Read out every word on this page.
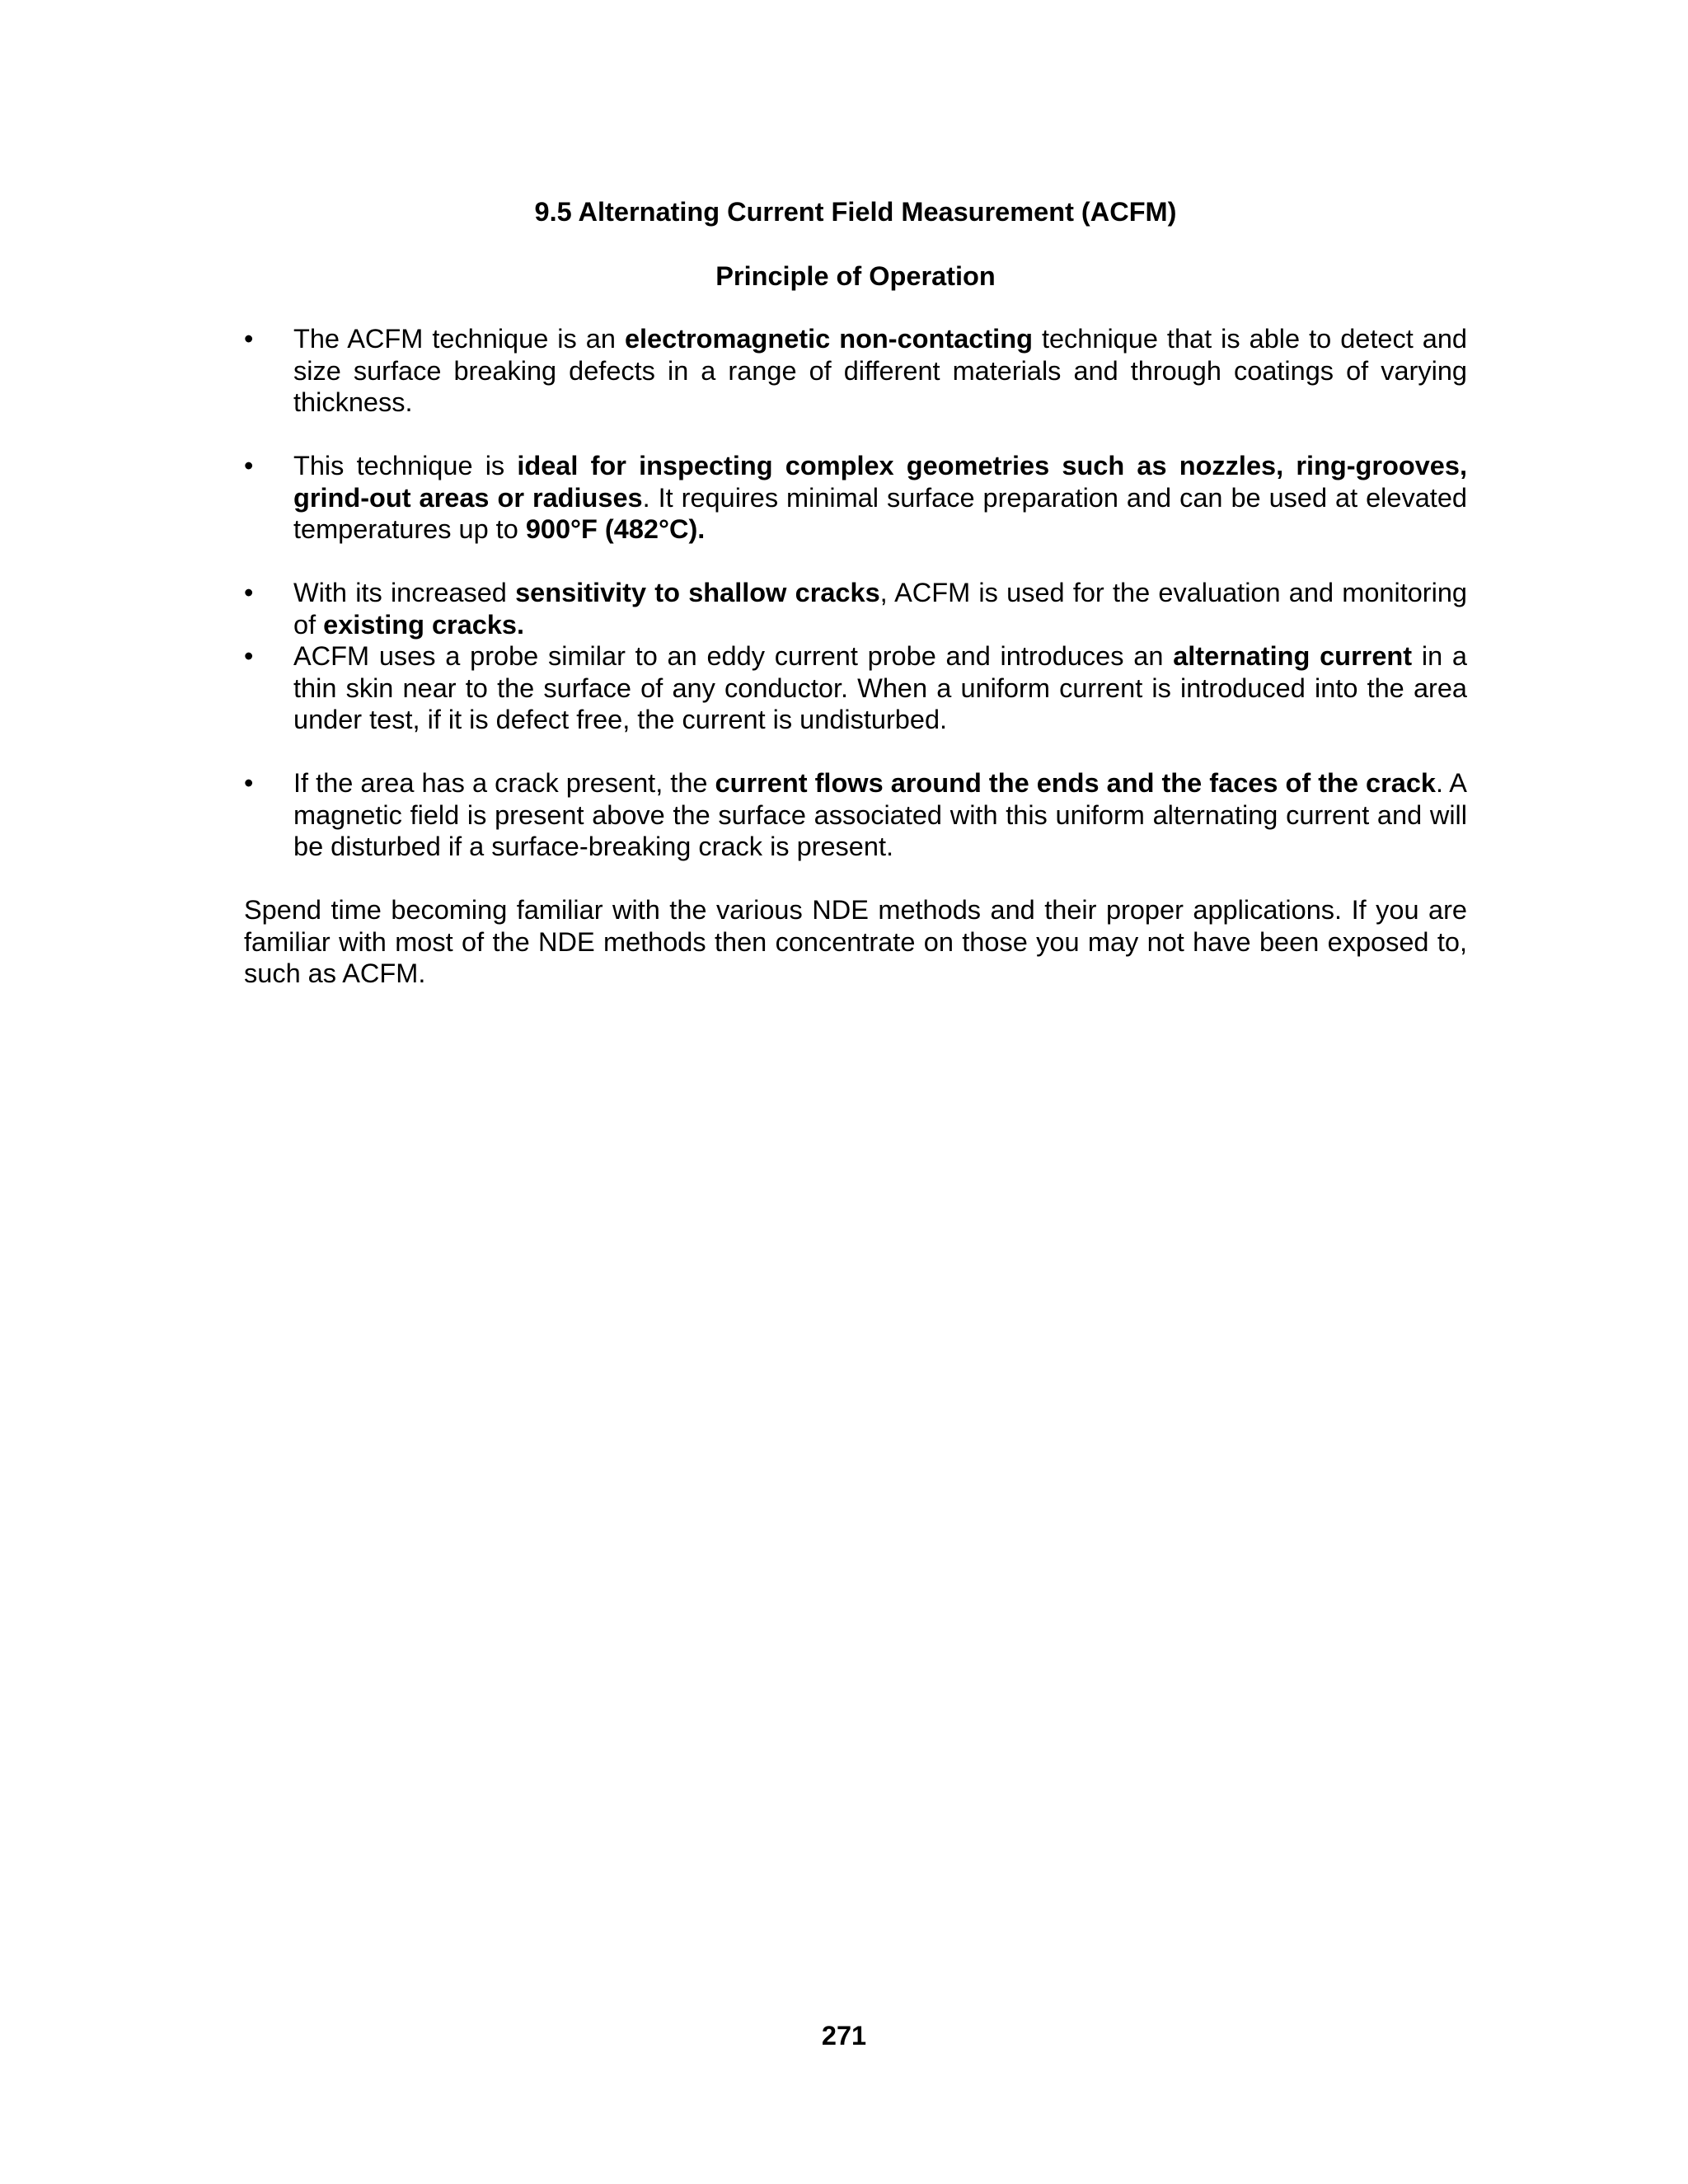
9.5 Alternating Current Field Measurement (ACFM)

Principle of Operation

• The ACFM technique is an electromagnetic non-contacting technique that is able to detect and size surface breaking defects in a range of different materials and through coatings of varying thickness.
• This technique is ideal for inspecting complex geometries such as nozzles, ring-grooves, grind-out areas or radiuses. It requires minimal surface preparation and can be used at elevated temperatures up to 900°F (482°C).
• With its increased sensitivity to shallow cracks, ACFM is used for the evaluation and monitoring of existing cracks.
• ACFM uses a probe similar to an eddy current probe and introduces an alternating current in a thin skin near to the surface of any conductor. When a uniform current is introduced into the area under test, if it is defect free, the current is undisturbed.
• If the area has a crack present, the current flows around the ends and the faces of the crack. A magnetic field is present above the surface associated with this uniform alternating current and will be disturbed if a surface-breaking crack is present.

Spend time becoming familiar with the various NDE methods and their proper applications. If you are familiar with most of the NDE methods then concentrate on those you may not have been exposed to, such as ACFM.

271
